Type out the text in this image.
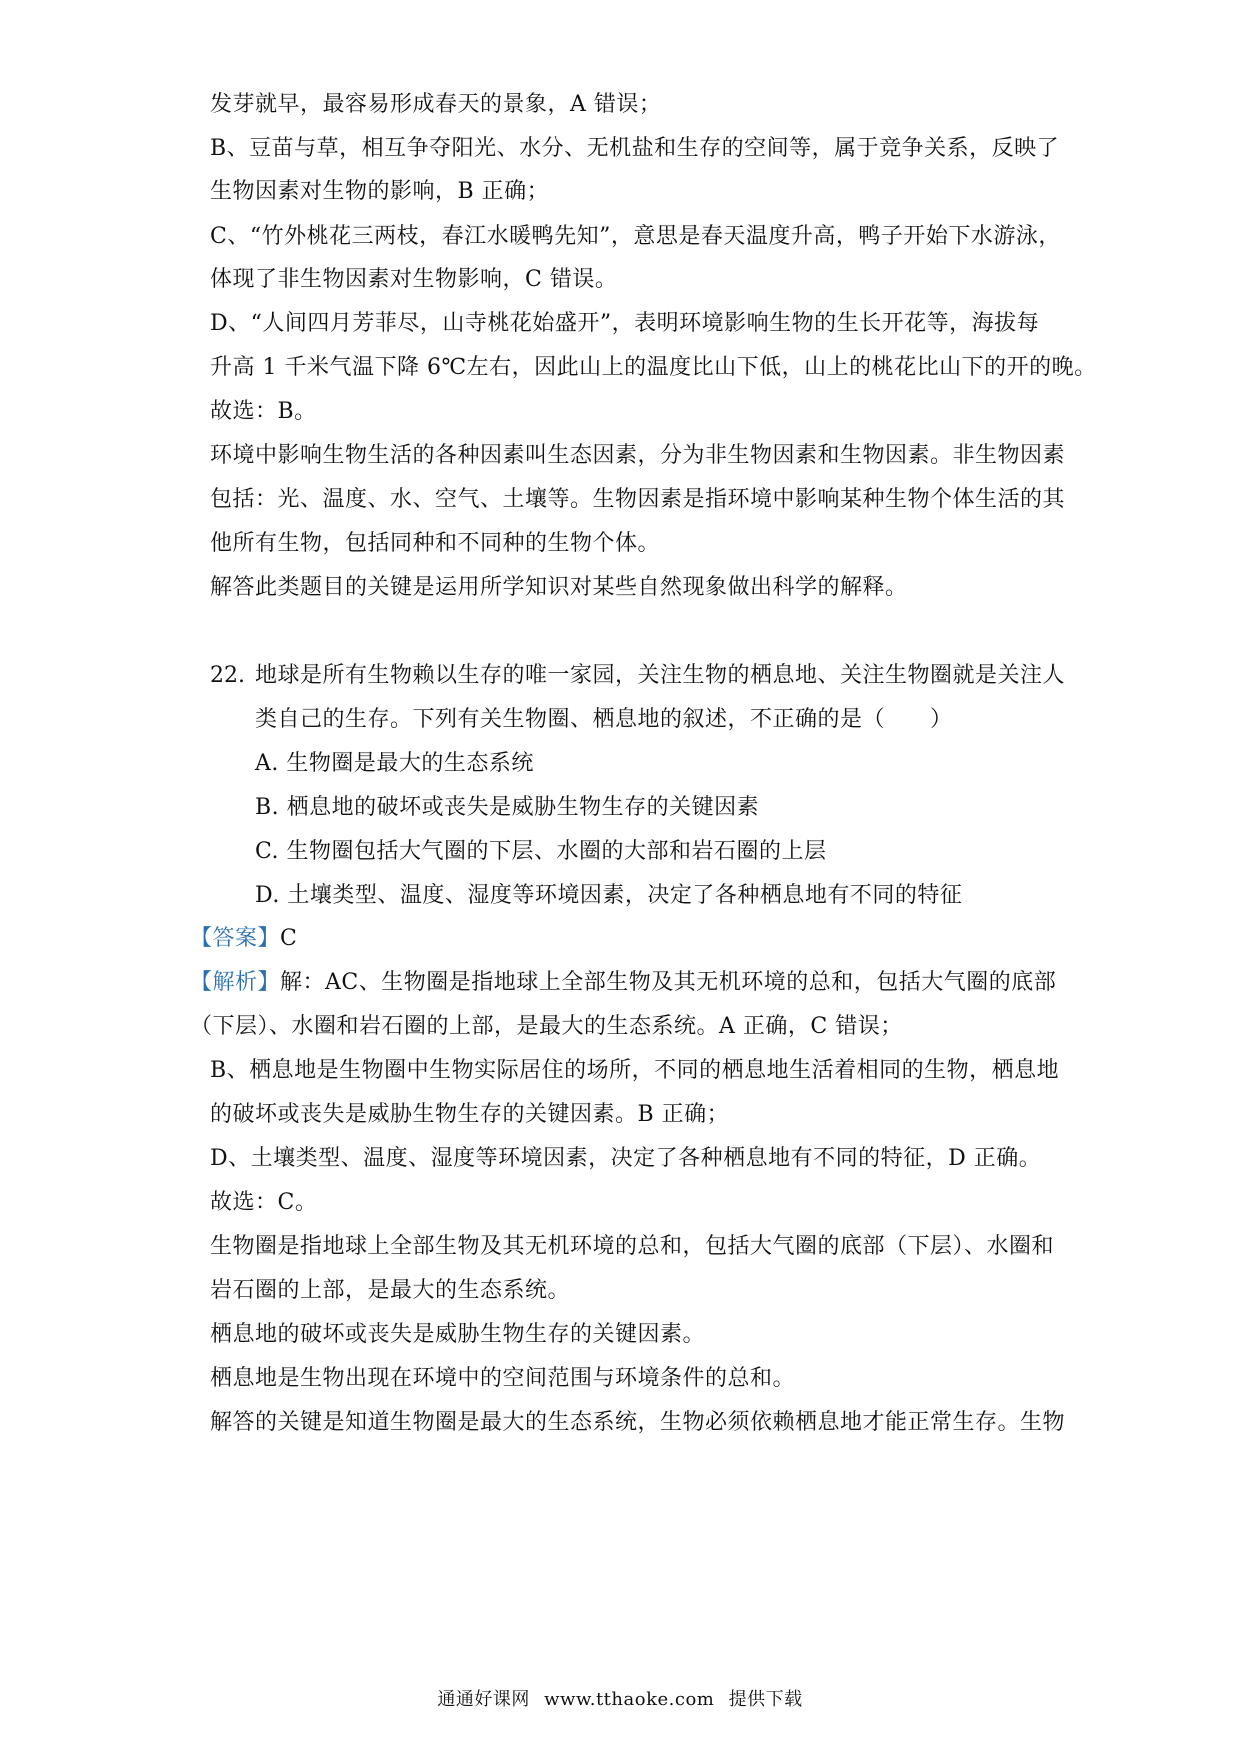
发芽就早，最容易形成春天的景象，A 错误；
B、豆苗与草，相互争夺阳光、水分、无机盐和生存的空间等，属于竞争关系，反映了
生物因素对生物的影响，B 正确；
C、“竹外桃花三两枝，春江水暖鸭先知”，意思是春天温度升高，鸭子开始下水游泳，
体现了非生物因素对生物影响，C 错误。
D、“人间四月芳菲尽，山寺桃花始盛开”，表明环境影响生物的生长开花等，海拔每
升高 1 千米气温下降 6℃左右，因此山上的温度比山下低，山上的桃花比山下的开的晚。
故选：B。
环境中影响生物生活的各种因素叫生态因素，分为非生物因素和生物因素。非生物因素
包括：光、温度、水、空气、土壤等。生物因素是指环境中影响某种生物个体生活的其
他所有生物，包括同种和不同种的生物个体。
解答此类题目的关键是运用所学知识对某些自然现象做出科学的解释。
22. 地球是所有生物赖以生存的唯一家园，关注生物的栖息地、关注生物圈就是关注人
类自己的生存。下列有关生物圈、栖息地的叙述，不正确的是（　　）
A. 生物圈是最大的生态系统
B. 栖息地的破坏或丧失是威胁生物生存的关键因素
C. 生物圈包括大气圈的下层、水圈的大部和岩石圈的上层
D. 土壤类型、温度、湿度等环境因素，决定了各种栖息地有不同的特征
【答案】C
【解析】解：AC、生物圈是指地球上全部生物及其无机环境的总和，包括大气圈的底部
（下层）、水圈和岩石圈的上部，是最大的生态系统。A 正确，C 错误；
B、栖息地是生物圈中生物实际居住的场所，不同的栖息地生活着相同的生物，栖息地
的破坏或丧失是威胁生物生存的关键因素。B 正确；
D、土壤类型、温度、湿度等环境因素，决定了各种栖息地有不同的特征，D 正确。
故选：C。
生物圈是指地球上全部生物及其无机环境的总和，包括大气圈的底部（下层）、水圈和
岩石圈的上部，是最大的生态系统。
栖息地的破坏或丧失是威胁生物生存的关键因素。
栖息地是生物出现在环境中的空间范围与环境条件的总和。
解答的关键是知道生物圈是最大的生态系统，生物必须依赖栖息地才能正常生存。生物
通通好课网 www.tthaoke.com 提供下载
